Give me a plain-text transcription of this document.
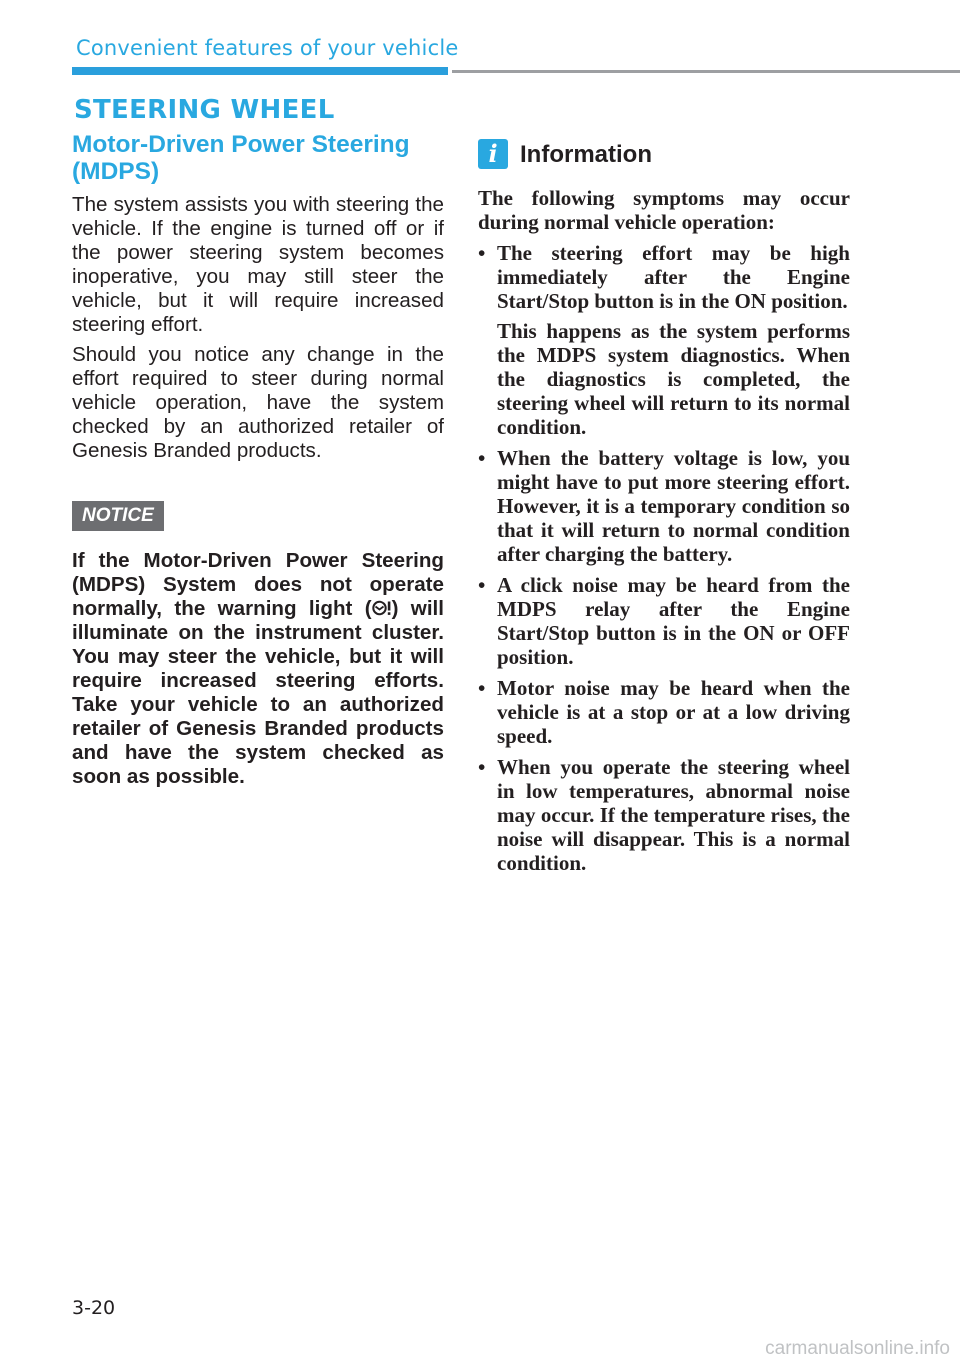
Convenient features of your vehicle
STEERING WHEEL
Motor-Driven Power Steering (MDPS)

The system assists you with steering the vehicle. If the engine is turned off or if the power steering system becomes inoperative, you may still steer the vehicle, but it will require increased steering effort.

Should you notice any change in the effort required to steer during normal vehicle operation, have the system checked by an authorized retailer of Genesis Branded products.

NOTICE

If the Motor-Driven Power Steering (MDPS) System does not operate normally, the warning light ( ) will illuminate on the instrument cluster. You may steer the vehicle, but it will require increased steering efforts. Take your vehicle to an authorized retailer of Genesis Branded products and have the system checked as soon as possible.

i Information

The following symptoms may occur during normal vehicle operation:

• The steering effort may be high immediately after the Engine Start/Stop button is in the ON position.

This happens as the system performs the MDPS system diagnostics. When the diagnostics is completed, the steering wheel will return to its normal condition.

• When the battery voltage is low, you might have to put more steering effort. However, it is a temporary condition so that it will return to normal condition after charging the battery.

• A click noise may be heard from the MDPS relay after the Engine Start/Stop button is in the ON or OFF position.

• Motor noise may be heard when the vehicle is at a stop or at a low driving speed.

• When you operate the steering wheel in low temperatures, abnormal noise may occur. If the temperature rises, the noise will disappear. This is a normal condition.

3-20
carmanualsonline.info
